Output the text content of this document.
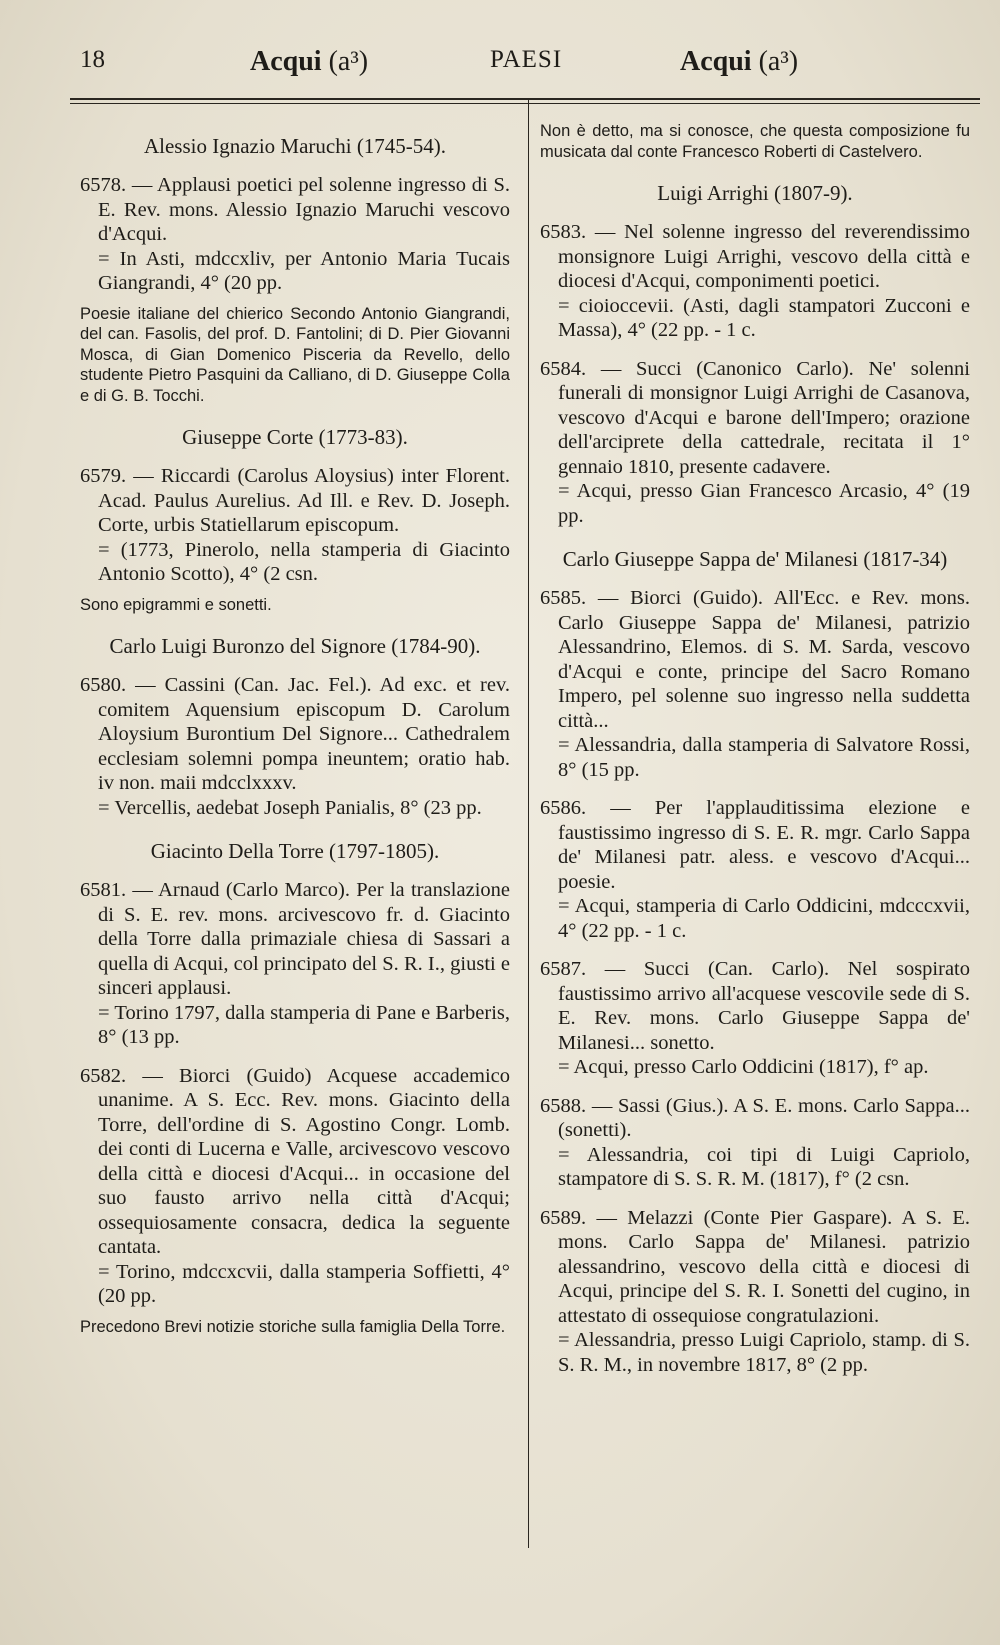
18	Acqui (a³)	PAESI	Acqui (a³)

Alessio Ignazio Maruchi (1745-54).

6578. — Applausi poetici pel solenne ingresso di S. E. Rev. mons. Alessio Ignazio Maruchi vescovo d'Acqui.

= In Asti, mdccxliv, per Antonio Maria Tucais Giangrandi, 4° (20 pp.

Poesie italiane del chierico Secondo Antonio Giangrandi, del can. Fasolis, del prof. D. Fantolini; di D. Pier Giovanni Mosca, di Gian Domenico Pisceria da Revello, dello studente Pietro Pasquini da Calliano, di D. Giuseppe Colla e di G. B. Tocchi.

Giuseppe Corte (1773-83).

6579. — Riccardi (Carolus Aloysius) inter Florent. Acad. Paulus Aurelius. Ad Ill. e Rev. D. Joseph. Corte, urbis Statiellarum episcopum.

= (1773, Pinerolo, nella stamperia di Giacinto Antonio Scotto), 4° (2 csn.

Sono epigrammi e sonetti.

Carlo Luigi Buronzo del Signore (1784-90).

6580. — Cassini (Can. Jac. Fel.). Ad exc. et rev. comitem Aquensium episcopum D. Carolum Aloysium Burontium Del Signore... Cathedralem ecclesiam solemni pompa ineuntem; oratio hab. iv non. maii mdcclxxxv.

= Vercellis, aedebat Joseph Panialis, 8° (23 pp.

Giacinto Della Torre (1797-1805).

6581. — Arnaud (Carlo Marco). Per la translazione di S. E. rev. mons. arcivescovo fr. d. Giacinto della Torre dalla primaziale chiesa di Sassari a quella di Acqui, col principato del S. R. I., giusti e sinceri applausi.

= Torino 1797, dalla stamperia di Pane e Barberis, 8° (13 pp.

6582. — Biorci (Guido) Acquese accademico unanime. A S. Ecc. Rev. mons. Giacinto della Torre, dell'ordine di S. Agostino Congr. Lomb. dei conti di Lucerna e Valle, arcivescovo vescovo della città e diocesi d'Acqui... in occasione del suo fausto arrivo nella città d'Acqui; ossequiosamente consacra, dedica la seguente cantata.

= Torino, mdccxcvii, dalla stamperia Soffietti, 4° (20 pp.

Precedono Brevi notizie storiche sulla famiglia Della Torre.

Non è detto, ma si conosce, che questa composizione fu musicata dal conte Francesco Roberti di Castelvero.

Luigi Arrighi (1807-9).

6583. — Nel solenne ingresso del reverendissimo monsignore Luigi Arrighi, vescovo della città e diocesi d'Acqui, componimenti poetici.

= cioioccevii. (Asti, dagli stampatori Zucconi e Massa), 4° (22 pp. - 1 c.

6584. — Succi (Canonico Carlo). Ne' solenni funerali di monsignor Luigi Arrighi de Casanova, vescovo d'Acqui e barone dell'Impero; orazione dell'arciprete della cattedrale, recitata il 1° gennaio 1810, presente cadavere.

= Acqui, presso Gian Francesco Arcasio, 4° (19 pp.

Carlo Giuseppe Sappa de' Milanesi (1817-34)

6585. — Biorci (Guido). All'Ecc. e Rev. mons. Carlo Giuseppe Sappa de' Milanesi, patrizio Alessandrino, Elemos. di S. M. Sarda, vescovo d'Acqui e conte, principe del Sacro Romano Impero, pel solenne suo ingresso nella suddetta città...

= Alessandria, dalla stamperia di Salvatore Rossi, 8° (15 pp.

6586. — Per l'applauditissima elezione e faustissimo ingresso di S. E. R. mgr. Carlo Sappa de' Milanesi patr. aless. e vescovo d'Acqui... poesie.

= Acqui, stamperia di Carlo Oddicini, mdcccxvii, 4° (22 pp. - 1 c.

6587. — Succi (Can. Carlo). Nel sospirato faustissimo arrivo all'acquese vescovile sede di S. E. Rev. mons. Carlo Giuseppe Sappa de' Milanesi... sonetto.

= Acqui, presso Carlo Oddicini (1817), f° ap.

6588. — Sassi (Gius.). A S. E. mons. Carlo Sappa... (sonetti).

= Alessandria, coi tipi di Luigi Capriolo, stampatore di S. S. R. M. (1817), f° (2 csn.

6589. — Melazzi (Conte Pier Gaspare). A S. E. mons. Carlo Sappa de' Milanesi. patrizio alessandrino, vescovo della città e diocesi di Acqui, principe del S. R. I. Sonetti del cugino, in attestato di ossequiose congratulazioni.

= Alessandria, presso Luigi Capriolo, stamp. di S. S. R. M., in novembre 1817, 8° (2 pp.
